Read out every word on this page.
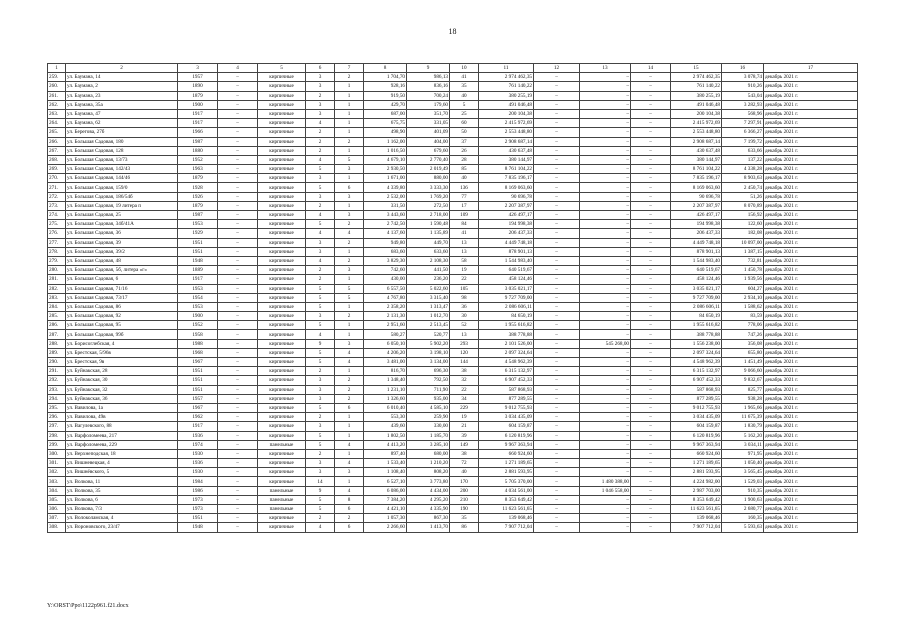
18
1	2	3	4	5	6	7	8	9	10	11	12	13	14	15	16	17
259.	ул. Баумана, 14	1957	–	кирпичные	3	2	1 704,70	986,13	41	2 974 462,35	–	–	–	2 974 462,35	3 078,74	декабрь 2021 г.
260.	ул. Баумана, 2	1890	–	кирпичные	3	1	928,16	836,16	35	761 140,22	–	–	–	761 140,22	910,26	декабрь 2021 г.
261.	ул. Баумана, 23	1879	–	кирпичные	2	1	919,50	700,24	40	380 255,19	–	–	–	380 255,19	543,04	декабрь 2021 г.
262.	ул. Баумана, 35а	1900	–	кирпичные	3	1	429,70	179,60	5	491 046,48	–	–	–	491 046,48	3 282,93	декабрь 2021 г.
263.	ул. Баумана, 47	1917	–	кирпичные	3	1	687,00	351,70	25	200 104,38	–	–	–	200 104,38	568,96	декабрь 2021 г.
264.	ул. Баумана, 62	1917	–	кирпичные	4	1	675,75	331,05	60	2 415 972,69	–	–	–	2 415 972,69	7 297,91	декабрь 2021 г.
265.	ул. Берегова, 27б	1966	–	кирпичные	2	1	498,90	401,09	50	2 553 448,80	–	–	–	2 553 448,80	6 366,27	декабрь 2021 г.
266.	ул. Большая Садовая, 180	1987	–	кирпичные	2	2	1 162,00	404,00	37	2 908 687,14	–	–	–	2 908 687,14	7 199,72	декабрь 2021 г.
267.	ул. Большая Садовая, 128	1880	–	кирпичные	2	1	1 016,50	679,60	26	430 637,48	–	–	–	430 637,48	633,66	декабрь 2021 г.
268.	ул. Большая Садовая, 13/73	1952	–	кирпичные	4	5	4 679,10	2 770,40	28	380 144,97	–	–	–	380 144,97	137,22	декабрь 2021 г.
269.	ул. Большая Садовая, 142/43	1963	–	кирпичные	5	3	2 930,50	2 019,49	85	8 761 104,22	–	–	–	8 761 104,22	4 338,28	декабрь 2021 г.
270.	ул. Большая Садовая, 144/46	1879	–	кирпичные	3	1	1 671,00	880,00	40	7 835 196,17	–	–	–	7 835 196,17	8 903,63	декабрь 2021 г.
271.	ул. Большая Садовая, 159/0	1928	–	кирпичные	5	6	4 339,80	3 333,30	136	8 169 063,60	–	–	–	8 169 063,60	2 450,74	декабрь 2021 г.
272.	ул. Большая Садовая, 186/54б	1926	–	кирпичные	3	3	2 532,00	1 769,20	77	90 696,78	–	–	–	90 696,78	51,26	декабрь 2021 г.
273.	ул. Большая Садовая, 19 литера п	1879	–	кирпичные	2	1	331,50	272,50	17	2 207 387,97	–	–	–	2 207 387,97	8 070,89	декабрь 2021 г.
274.	ул. Большая Садовая, 25	1987	–	кирпичные	4	3	3 443,60	2 718,00	109	426 497,17	–	–	–	426 497,17	156,92	декабрь 2021 г.
275.	ул. Большая Садовая, 34б/41А	1953	–	кирпичные	5	2	2 742,50	1 590,48	84	194 998,38	–	–	–	194 998,38	122,60	декабрь 2021 г.
276.	ул. Большая Садовая, 36	1929	–	кирпичные	4	4	4 137,60	1 135,89	41	206 437,33	–	–	–	206 437,33	182,08	декабрь 2021 г.
277.	ул. Большая Садовая, 39	1951	–	кирпичные	3	2	949,80	449,70	13	4 449 748,18	–	–	–	4 449 748,18	10 097,00	декабрь 2021 г.
278.	ул. Большая Садовая, 39/2	1951	–	кирпичные	3	1	683,60	633,60	13	878 901,13	–	–	–	878 901,13	1 387,15	декабрь 2021 г.
279.	ул. Большая Садовая, 48	1948	–	кирпичные	4	2	3 829,30	2 108,30	58	1 544 983,40	–	–	–	1 544 983,40	732,81	декабрь 2021 г.
280.	ул. Большая Садовая, 5б, литера «г»	1889	–	кирпичные	2	3	742,60	441,50	19	640 519,67	–	–	–	640 519,67	1 450,78	декабрь 2021 г.
281.	ул. Большая Садовая, 6	1917	–	кирпичные	2	1	430,00	236,20	22	458 124,46	–	–	–	458 124,46	1 939,56	декабрь 2021 г.
282.	ул. Большая Садовая, 71/16	1953	–	кирпичные	5	5	6 557,50	5 022,60	105	3 035 021,17	–	–	–	3 035 021,17	604,27	декабрь 2021 г.
283.	ул. Большая Садовая, 73/17	1954	–	кирпичные	5	5	4 767,80	3 315,40	98	9 727 709,00	–	–	–	9 727 709,00	2 934,10	декабрь 2021 г.
284.	ул. Большая Садовая, 86	1953	–	кирпичные	5	1	2 358,20	1 313,47	36	2 086 606,11	–	–	–	2 086 606,11	1 588,62	декабрь 2021 г.
285.	ул. Большая Садовая, 92	1900	–	кирпичные	3	2	2 131,30	1 012,70	30	84 650,19	–	–	–	84 650,19	83,59	декабрь 2021 г.
286.	ул. Большая Садовая, 95	1952	–	кирпичные	5	1	2 951,60	2 513,45	52	1 955 616,82	–	–	–	1 955 616,82	778,06	декабрь 2021 г.
287.	ул. Большая Садовая, 99б	1958	–	кирпичные	4	1	580,27	520,77	13	388 778,88	–	–	–	388 778,88	747,26	декабрь 2021 г.
288.	ул. Борисоглебская, 4	1988	–	кирпичные	9	3	6 050,10	5 902,20	293	2 101 526,00	–	545 268,00	–	1 556 238,00	356,08	декабрь 2021 г.
289.	ул. Брестская, 5/96в	1968	–	кирпичные	5	4	4 206,20	3 198,10	120	2 097 324,64	–	–	–	2 097 324,64	655,80	декабрь 2021 г.
290.	ул. Брестская, 9в	1967	–	кирпичные	5	4	3 481,00	3 134,00	144	4 548 962,39	–	–	–	4 548 962,39	1 451,49	декабрь 2021 г.
291.	ул. Буйнакская, 28	1951	–	кирпичные	2	1	816,70	696,30	38	6 315 132,97	–	–	–	6 315 132,97	9 066,60	декабрь 2021 г.
292.	ул. Буйнакская, 30	1951	–	кирпичные	3	2	1 348,40	792,50	32	6 907 452,33	–	–	–	6 907 452,33	9 832,67	декабрь 2021 г.
293.	ул. Буйнакская, 32	1951	–	кирпичные	3	2	1 231,10	711,90	22	587 868,93	–	–	–	587 868,93	825,77	декабрь 2021 г.
294.	ул. Буйнакская, 36	1957	–	кирпичные	3	2	1 326,60	935,00	34	877 289,55	–	–	–	877 289,55	938,28	декабрь 2021 г.
295.	ул. Вавилова, 1а	1967	–	кирпичные	5	6	6 010,40	4 585,10	229	9 012 755,93	–	–	–	9 012 755,93	1 965,66	декабрь 2021 г.
296.	ул. Вавилова, 49в	1962	–	кирпичные	2	1	553,30	259,90	19	3 034 435,09	–	–	–	3 034 435,09	11 675,39	декабрь 2021 г.
297.	ул. Вагулевского, 88	1917	–	кирпичные	3	1	439,60	330,00	21	604 159,87	–	–	–	604 159,87	1 830,79	декабрь 2021 г.
298.	ул. Варфоломеева, 217	1936	–	кирпичные	5	1	1 802,50	1 185,70	39	6 120 819,96	–	–	–	6 120 819,96	5 162,20	декабрь 2021 г.
299.	ул. Варфоломеева, 229	1974	–	панельные	5	4	4 413,20	3 285,10	149	9 967 363,94	–	–	–	9 967 363,94	3 034,11	декабрь 2021 г.
300.	ул. Верхнеподская, 18	1930	–	кирпичные	2	1	897,40	680,00	38	660 924,60	–	–	–	660 924,60	971,95	декабрь 2021 г.
301.	ул. Вишневецкая, 4	1936	–	кирпичные	3	4	1 533,40	1 210,20	72	1 271 189,65	–	–	–	1 271 189,65	1 050,40	декабрь 2021 г.
302.	ул. Вишнёвского, 5	1930	–	кирпичные	3	3	1 108,40	808,20	40	2 881 593,95	–	–	–	2 881 593,95	3 565,45	декабрь 2021 г.
303.	ул. Волкова, 11	1984	–	кирпичные	14	1	6 527,10	3 773,80	170	5 705 370,00	–	1 480 388,00	–	4 224 982,00	1 529,03	декабрь 2021 г.
304.	ул. Волкова, 35	1986	–	панельные	9	4	6 086,00	4 434,00	200	4 034 561,00	–	1 046 558,00	–	2 987 703,00	910,35	декабрь 2021 г.
305.	ул. Волкова, 6	1973	–	панельные	5	8	7 384,20	4 295,20	210	8 353 649,42	–	–	–	8 353 649,42	1 900,63	декабрь 2021 г.
306.	ул. Волкова, 7/3	1973	–	панельные	5	6	4 421,10	4 335,90	190	11 623 561,65	–	–	–	11 623 561,65	2 680,77	декабрь 2021 г.
307.	ул. Волоколамская, 4	1951	–	кирпичные	2	2	1 057,30	867,30	35	139 068,46	–	–	–	139 068,46	160,35	декабрь 2021 г.
308.	ул. Вороновского, 23/47	1948	–	кирпичные	4	6	2 266,60	1 413,70	86	7 907 712,04	–	–	–	7 907 712,04	5 593,63	декабрь 2021 г.
Y:\ORST\Ppo\1122p961.f21.docx
